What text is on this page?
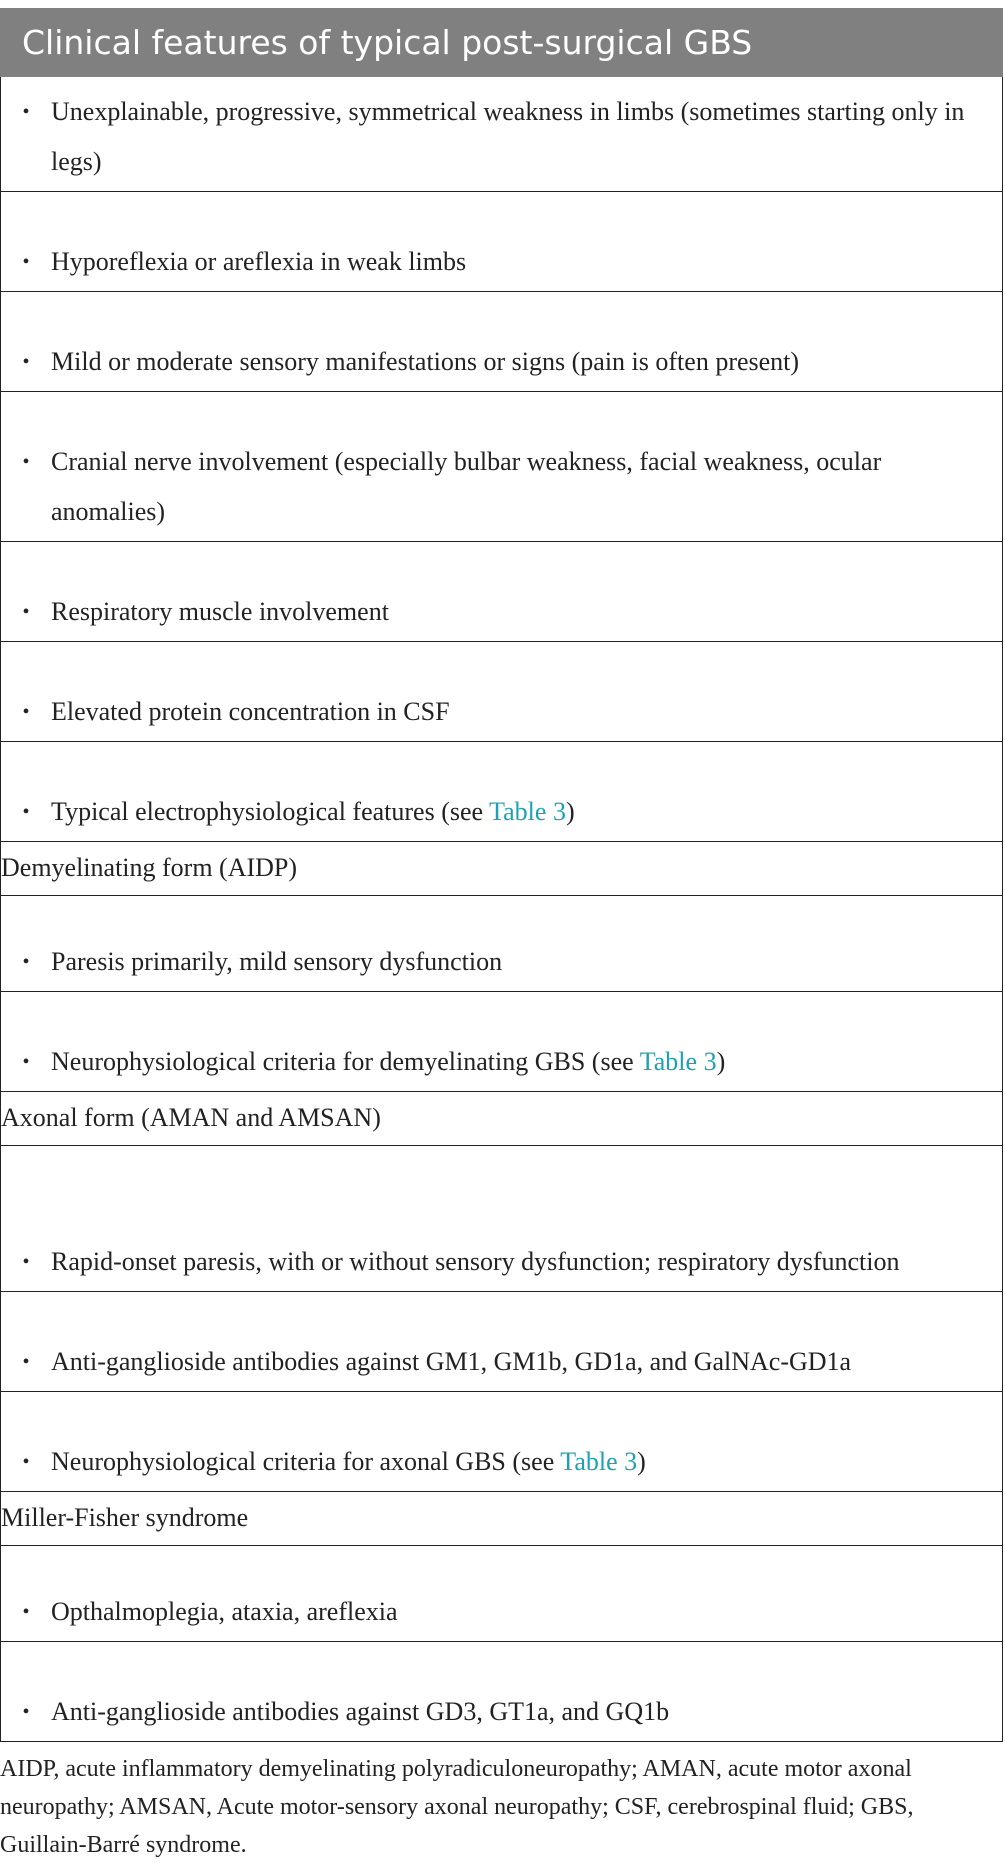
Clinical features of typical post-surgical GBS
• Unexplainable, progressive, symmetrical weakness in limbs (sometimes starting only in legs)

• Hyporeflexia or areflexia in weak limbs

• Mild or moderate sensory manifestations or signs (pain is often present)

• Cranial nerve involvement (especially bulbar weakness, facial weakness, ocular anomalies)

• Respiratory muscle involvement

• Elevated protein concentration in CSF

• Typical electrophysiological features (see Table 3)

Demyelinating form (AIDP)

• Paresis primarily, mild sensory dysfunction

• Neurophysiological criteria for demyelinating GBS (see Table 3)

Axonal form (AMAN and AMSAN)

• Rapid-onset paresis, with or without sensory dysfunction; respiratory dysfunction

• Anti-ganglioside antibodies against GM1, GM1b, GD1a, and GalNAc-GD1a

• Neurophysiological criteria for axonal GBS (see Table 3)

Miller-Fisher syndrome

• Opthalmoplegia, ataxia, areflexia

• Anti-ganglioside antibodies against GD3, GT1a, and GQ1b
AIDP, acute inflammatory demyelinating polyradiculoneuropathy; AMAN, acute motor axonal neuropathy; AMSAN, Acute motor-sensory axonal neuropathy; CSF, cerebrospinal fluid; GBS, Guillain-Barré syndrome.
